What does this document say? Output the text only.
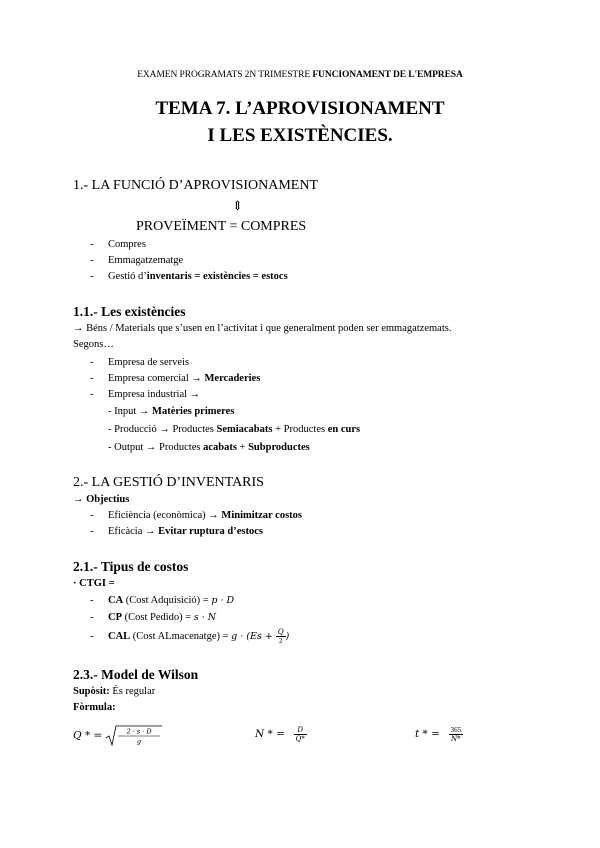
EXAMEN PROGRAMATS 2N TRIMESTRE FUNCIONAMENT DE L'EMPRESA
TEMA 7. L’APROVISIONAMENT
I LES EXISTÈNCIES.
1.- LA FUNCIÓ D’APROVISIONAMENT
⇕
PROVEÏMENT = COMPRES
- Compres
- Emmagatzematge
- Gestió d’inventaris = existències = estocs
1.1.- Les existències
→ Béns / Materials que s’usen en l’activitat i que generalment poden ser emmagatzemats.
Segons…
- Empresa de serveis
- Empresa comercial → Mercaderies
- Empresa industrial →
- Input → Matèries primeres
- Producció → Productes Semiacabats + Productes en curs
- Output → Productes acabats + Subproductes
2.- LA GESTIÓ D’INVENTARIS
→ Objectius
- Eficiència (econòmica) → Minimitzar costos
- Eficàcia → Evitar ruptura d’estocs
2.1.- Tipus de costos
· CTGI =
- CA (Cost Adquisició) = p · D
- CP (Cost Pedido) = s · N
- CAL (Cost ALmacenatge) = $g \cdot (Es + \frac{Q}{2}$ )
2.3.- Model de Wilson
Supòsit: És regular
Fòrmula:
Q * =	2 · s · D
g
N * = $\frac{D}{Q*}$	t * = $\frac{365}{N*}$
